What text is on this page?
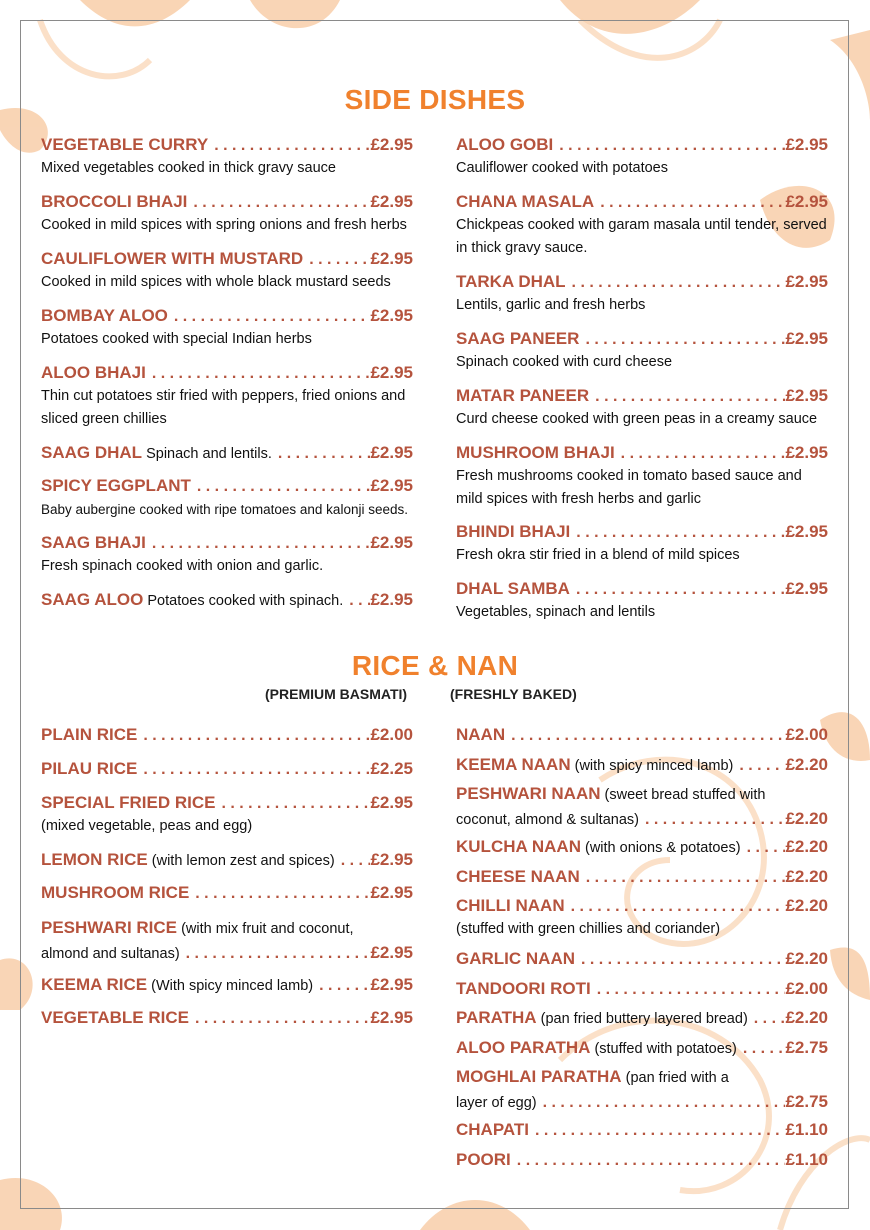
SIDE DISHES
VEGETABLE CURRY . . .	£2.95
Mixed vegetables cooked in thick gravy sauce
BROCCOLI BHAJI . . .	£2.95
Cooked in mild spices with spring onions and fresh herbs
CAULIFLOWER WITH MUSTARD . . .	£2.95
Cooked in mild spices with whole black mustard seeds
BOMBAY ALOO . . .	£2.95
Potatoes cooked with special Indian herbs
ALOO BHAJI . . .	£2.95
Thin cut potatoes stir fried with peppers, fried onions and sliced green chillies
SAAG DHAL
Spinach and lentils. . . .	£2.95
SPICY EGGPLANT . . .	£2.95
Baby aubergine cooked with ripe tomatoes and kalonji seeds.
SAAG BHAJI . . .	£2.95
Fresh spinach cooked with onion and garlic.
SAAG ALOO
Potatoes cooked with spinach. . . . £2.95
ALOO GOBI . . .	£2.95
Cauliflower cooked with potatoes
CHANA MASALA . . .	£2.95
Chickpeas cooked with garam masala until tender, served in thick gravy sauce.
TARKA DHAL . . .	£2.95
Lentils, garlic and fresh herbs
SAAG PANEER . . .	£2.95
Spinach cooked with curd cheese
MATAR PANEER . . .	£2.95
Curd cheese cooked with green peas in a creamy sauce
MUSHROOM BHAJI . . .	£2.95
Fresh mushrooms cooked in tomato based sauce and mild spices with fresh herbs and garlic
BHINDI BHAJI . . .	£2.95
Fresh okra stir fried in a blend of mild spices
DHAL SAMBA . . .	£2.95
Vegetables, spinach and lentils
RICE & NAN
(PREMIUM BASMATI)	(FRESHLY BAKED)
PLAIN RICE . . .	£2.00
PILAU RICE . . .	£2.25
SPECIAL FRIED RICE . . .	£2.95
(mixed vegetable, peas and egg)
LEMON RICE
(with lemon zest and spices) . . . £2.95
MUSHROOM RICE . . .	£2.95
PESHWARI RICE
(with mix fruit and coconut,
almond and sultanas) . . .	£2.95
KEEMA RICE
(With spicy minced lamb) . . .	£2.95
VEGETABLE RICE . . .	£2.95
NAAN . . .	£2.00
KEEMA NAAN
(with spicy minced lamb) . . .	£2.20
PESHWARI NAAN
(sweet bread stuffed with
coconut, almond & sultanas) . . .	£2.20
KULCHA NAAN
(with onions & potatoes) . . .	£2.20
CHEESE NAAN . . .	£2.20
CHILLI NAAN . . .	£2.20
(stuffed with green chillies and coriander)
GARLIC NAAN . . .	£2.20
TANDOORI ROTI . . .	£2.00
PARATHA
(pan fried buttery layered bread) . . . £2.20
ALOO PARATHA
(stuffed with potatoes) . . .	£2.75
MOGHLAI PARATHA
(pan fried with a
layer of egg) . . .	£2.75
CHAPATI . . .	£1.10
POORI . . .	£1.10
